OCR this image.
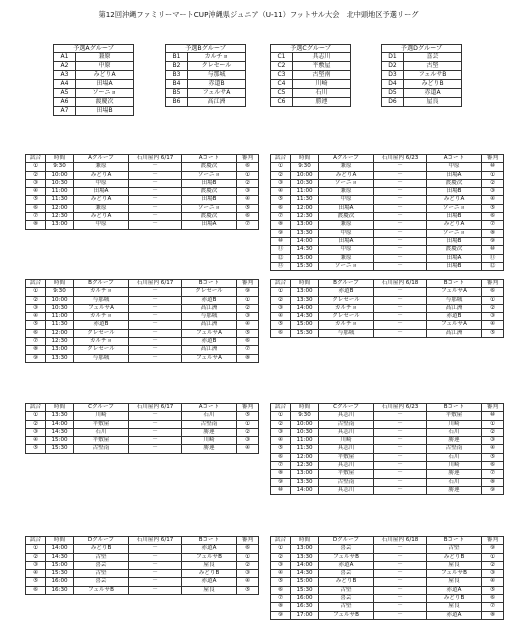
第12回沖縄ファミリーマートCUP沖縄県ジュニア（U-11）フットサル大会　北中頭地区予選リーグ
予選Aグループ	
A1	兼原
A2	中原
A3	みどりA
A4	田場A
A5	ソーニョ
A6	渡慶次
A7	田場B
予選Bグループ	
B1	カルチョ
B2	クレセール
B3	与那城
B4	赤道B
B5	フェルサA
B6	高江洲
予選Cグループ	
C1	具志川
C2	平敷屋
C3	古堅南
C4	川崎
C5	石川
C6	勝連
予選Dグループ	
D1	喜芸
D2	古堅
D3	フェルサB
D4	みどりB
D5	赤道A
D6	屋良
試合	時間	Aグループ	石川屋内 6/17	Aコート	審判
①	9:30	兼原	－	渡慶次	⑥
②	10:00	みどりA	－	ソーニョ	①
③	10:30	中原	－	田場B	②
④	11:00	田場A	－	渡慶次	③
⑤	11:30	みどりA	－	田場B	④
⑥	12:00	兼原	－	ソーニョ	⑤
⑦	12:30	みどりA	－	渡慶次	⑥
⑧	13:00	中原	－	田場A	⑦
試合	時間	Aグループ	石川屋内 6/23	Aコート	審判
①	9:30	兼原	－	中原	⑩
②	10:00	みどりA	－	田場A	①
③	10:30	ソーニョ	－	渡慶次	②
④	11:00	兼原	－	田場B	③
⑤	11:30	中原	－	みどりA	④
⑥	12:00	田場A	－	ソーニョ	⑤
⑦	12:30	渡慶次	－	田場B	⑥
⑧	13:00	兼原	－	みどりA	⑦
⑨	13:30	中原	－	ソーニョ	⑧
⑩	14:00	田場A	－	田場B	⑨
⑪	14:30	中原	－	渡慶次	⑩
⑫	15:00	兼原	－	田場A	⑪
⑬	15:30	ソーニョ	－	田場B	⑫
試合	時間	Bグループ	石川屋内 6/17	Bコート	審判
①	9:30	カルチョ	－	クレセール	⑨
②	10:00	与那城	－	赤道B	①
③	10:30	フェルサA	－	高江洲	②
④	11:00	カルチョ	－	与那城	③
⑤	11:30	赤道B	－	高江洲	④
⑥	12:00	クレセール	－	フェルサA	⑤
⑦	12:30	カルチョ	－	赤道B	⑥
⑧	13:00	クレセール	－	高江洲	⑦
⑨	13:30	与那城	－	フェルサA	⑧
試合	時間	Bグループ	石川屋内 6/18	Bコート	審判
①	13:00	赤道B	－	フェルサA	⑥
②	13:30	クレセール	－	与那城	①
③	14:00	カルチョ	－	高江洲	②
④	14:30	クレセール	－	赤道B	③
⑤	15:00	カルチョ	－	フェルサA	④
⑥	15:30	与那城	－	高江洲	⑤
試合	時間	Cグループ	石川屋内 6/17	Aコート	審判
①	13:30	川崎	－	石川	⑤
②	14:00	平敷屋	－	古堅南	①
③	14:30	石川	－	勝連	②
④	15:00	平敷屋	－	川崎	③
⑤	15:30	古堅南	－	勝連	④
試合	時間	Cグループ	石川屋内 6/23	Bコート	審判
①	9:30	具志川	－	平敷屋	⑩
②	10:00	古堅南	－	川崎	①
③	10:30	具志川	－	石川	②
④	11:00	川崎	－	勝連	③
⑤	11:30	具志川	－	古堅南	④
⑥	12:00	平敷屋	－	石川	⑤
⑦	12:30	具志川	－	川崎	⑥
⑧	13:00	平敷屋	－	勝連	⑦
⑨	13:30	古堅南	－	石川	⑧
⑩	14:00	具志川	－	勝連	⑨
試合	時間	Dグループ	石川屋内 6/17	Bコート	審判
①	14:00	みどりB	－	赤道A	⑥
②	14:30	古堅	－	フェルサB	①
③	15:00	喜芸	－	屋良	②
④	15:30	古堅	－	みどりB	③
⑤	16:00	喜芸	－	赤道A	④
⑥	16:30	フェルサB	－	屋良	⑤
試合	時間	Dグループ	石川屋内 6/18	Bコート	審判
①	13:00	喜芸	－	古堅	⑨
②	13:30	フェルサB	－	みどりB	①
③	14:00	赤道A	－	屋良	②
④	14:30	喜芸	－	フェルサB	③
⑤	15:00	みどりB	－	屋良	④
⑥	15:30	古堅	－	赤道A	⑤
⑦	16:00	喜芸	－	みどりB	⑥
⑧	16:30	古堅	－	屋良	⑦
⑨	17:00	フェルサB	－	赤道A	⑧
